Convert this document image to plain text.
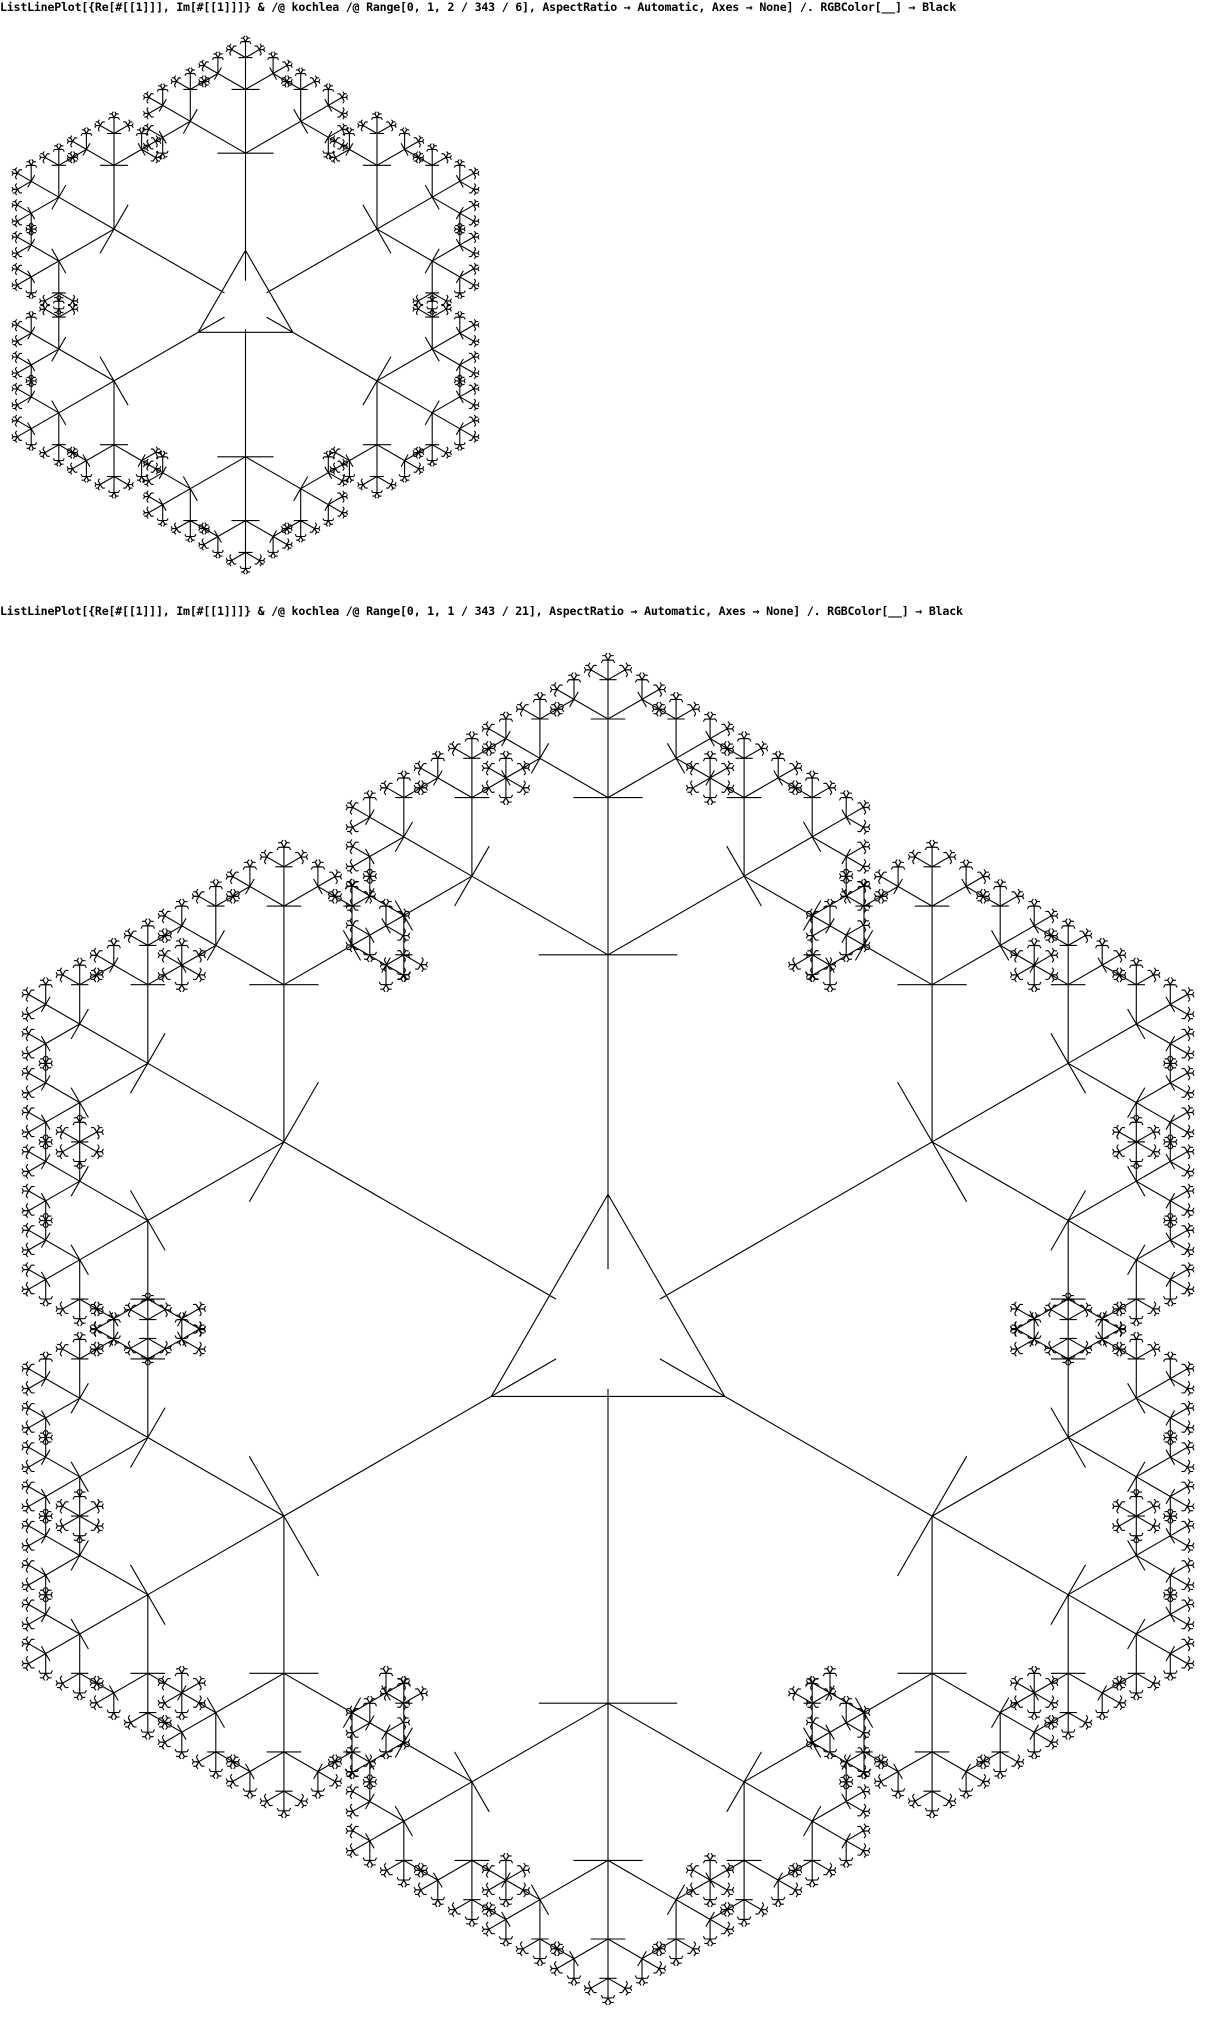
ListLinePlot[{Re[#[[1]]], Im[#[[1]]]} & /@ kochlea /@ Range[0, 1, 2 / 343 / 6], AspectRatio → Automatic, Axes → None] /. RGBColor[__] → Black
ListLinePlot[{Re[#[[1]]], Im[#[[1]]]} & /@ kochlea /@ Range[0, 1, 1 / 343 / 21], AspectRatio → Automatic, Axes → None] /. RGBColor[__] → Black
